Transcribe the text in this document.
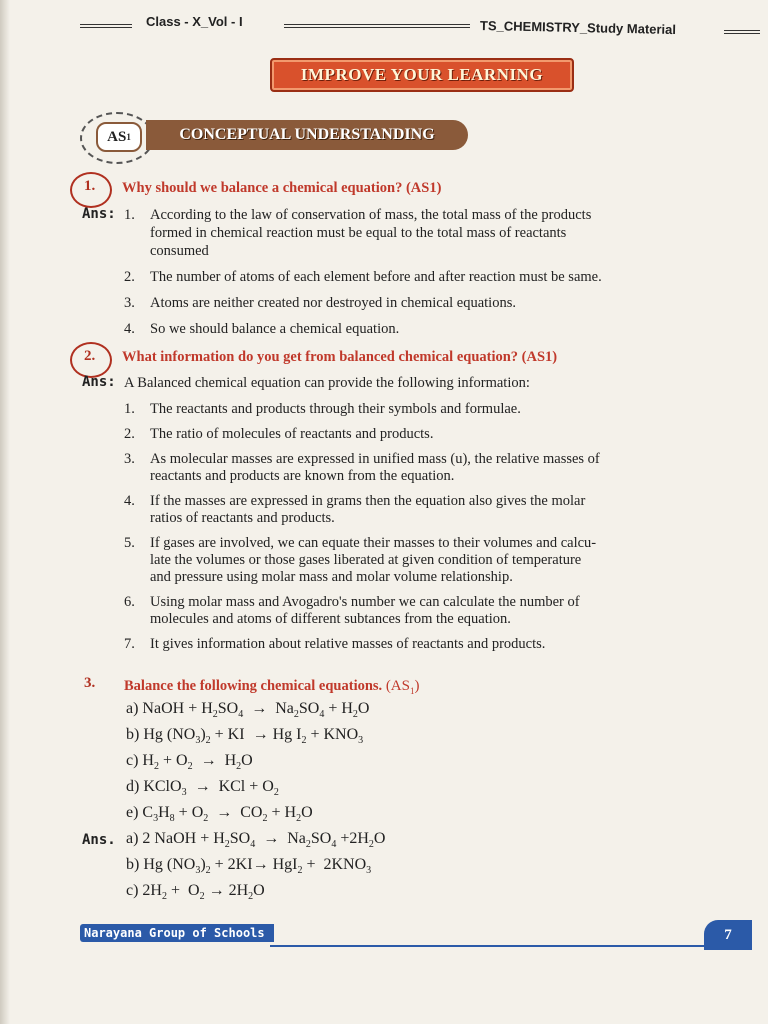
Class - X_Vol - I	TS_CHEMISTRY_Study Material
IMPROVE YOUR LEARNING
CONCEPTUAL UNDERSTANDING
AS 1
1. Why should we balance a chemical equation? (AS1)
Ans: 1. According to the law of conservation of mass, the total mass of the products
formed in chemical reaction must be equal to the total mass of reactants
consumed
2. The number of atoms of each element before and after reaction must be same.
3. Atoms are neither created nor destroyed in chemical equations.
4. So we should balance a chemical equation.
2. What information do you get from balanced chemical equation? (AS1)
Ans: A Balanced chemical equation can provide the following information:
1. The reactants and products through their symbols and formulae.
2. The ratio of molecules of reactants and products.
3. As molecular masses are expressed in unified mass (u), the relative masses of
reactants and products are known from the equation.
4. If the masses are expressed in grams then the equation also gives the molar
ratios of reactants and products.
5. If gases are involved, we can equate their masses to their volumes and calcu-
late the volumes or those gases liberated at given condition of temperature
and pressure using molar mass and molar volume relationship.
6. Using molar mass and Avogadro's number we can calculate the number of
molecules and atoms of different subtances from the equation.
7. It gives information about relative masses of reactants and products.
3. Balance the following chemical equations. $(AS_1)$
a) NaOH + $H_2SO_4 \to Na_2SO_4 + H_2O$
b) Hg $(NO_3)_2$ + KI  → Hg $I_2 + KNO_3$
c) $H_2 + O_2 \to H_2O$
d) KClO$_3$  →  KCl + $O_2$
e) $C_3H_8 + O_2 \to CO_2 + H_2O$
Ans. a) 2 NaOH + $H_2SO_4 \to Na_2SO_4 +2H_2O$
b) Hg $(NO_3)_2 + 2KI\to HgI_2 + 2KNO_3$
c) $2H_2 + O_2 \to 2H_2O$
Narayana Group of Schools	7
